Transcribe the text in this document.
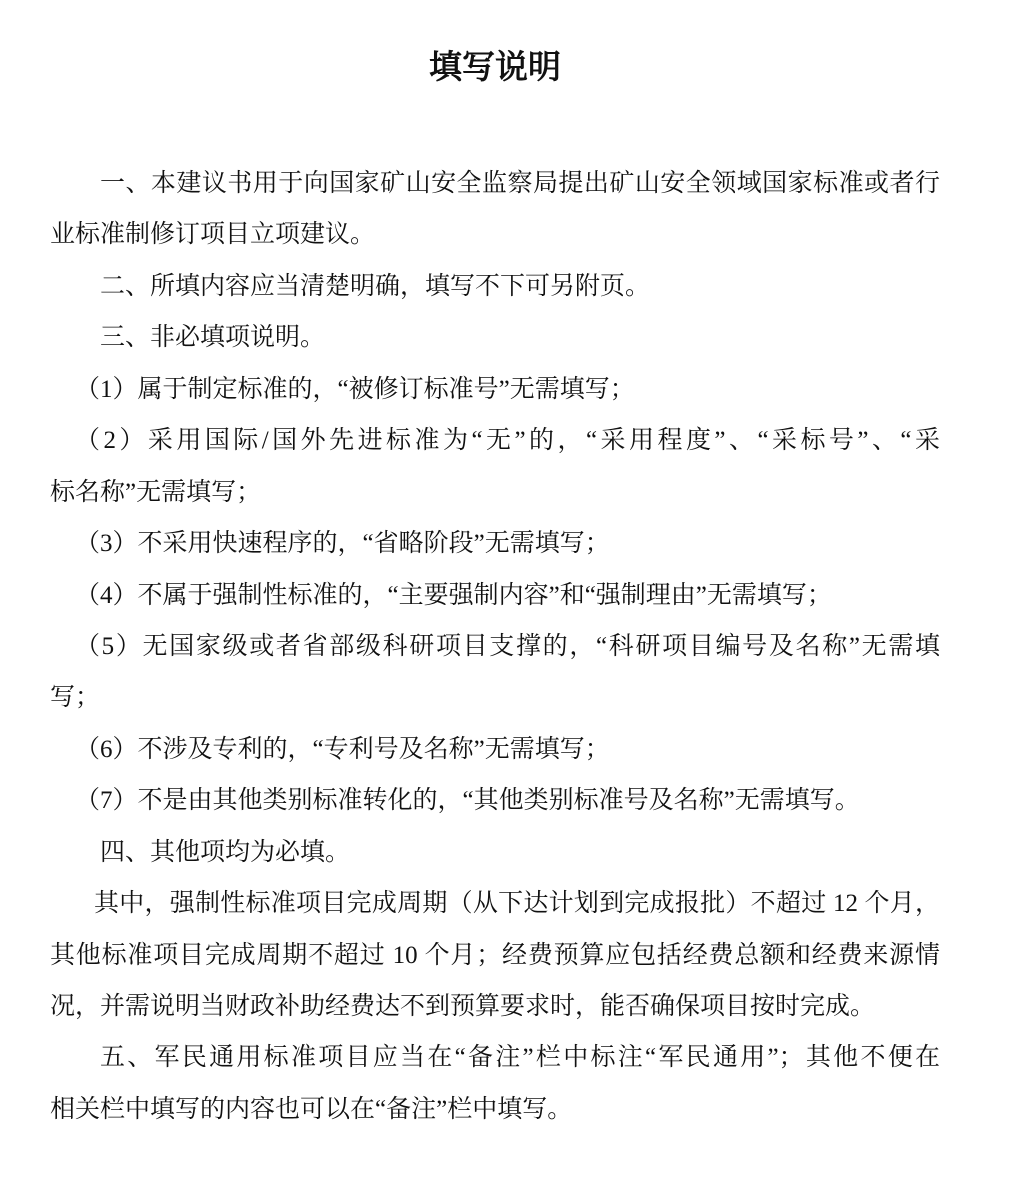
填写说明
一、本建议书用于向国家矿山安全监察局提出矿山安全领域国家标准或者行
业标准制修订项目立项建议。
二、所填内容应当清楚明确，填写不下可另附页。
三、非必填项说明。
（1）属于制定标准的，“被修订标准号”无需填写；
（2）采用国际/国外先进标准为“无”的，“采用程度”、“采标号”、“采
标名称”无需填写；
（3）不采用快速程序的，“省略阶段”无需填写；
（4）不属于强制性标准的，“主要强制内容”和“强制理由”无需填写；
（5）无国家级或者省部级科研项目支撑的，“科研项目编号及名称”无需填
写；
（6）不涉及专利的，“专利号及名称”无需填写；
（7）不是由其他类别标准转化的，“其他类别标准号及名称”无需填写。
四、其他项均为必填。
其中，强制性标准项目完成周期（从下达计划到完成报批）不超过 12 个月，
其他标准项目完成周期不超过 10 个月；经费预算应包括经费总额和经费来源情
况，并需说明当财政补助经费达不到预算要求时，能否确保项目按时完成。
五、军民通用标准项目应当在“备注”栏中标注“军民通用”；其他不便在
相关栏中填写的内容也可以在“备注”栏中填写。
